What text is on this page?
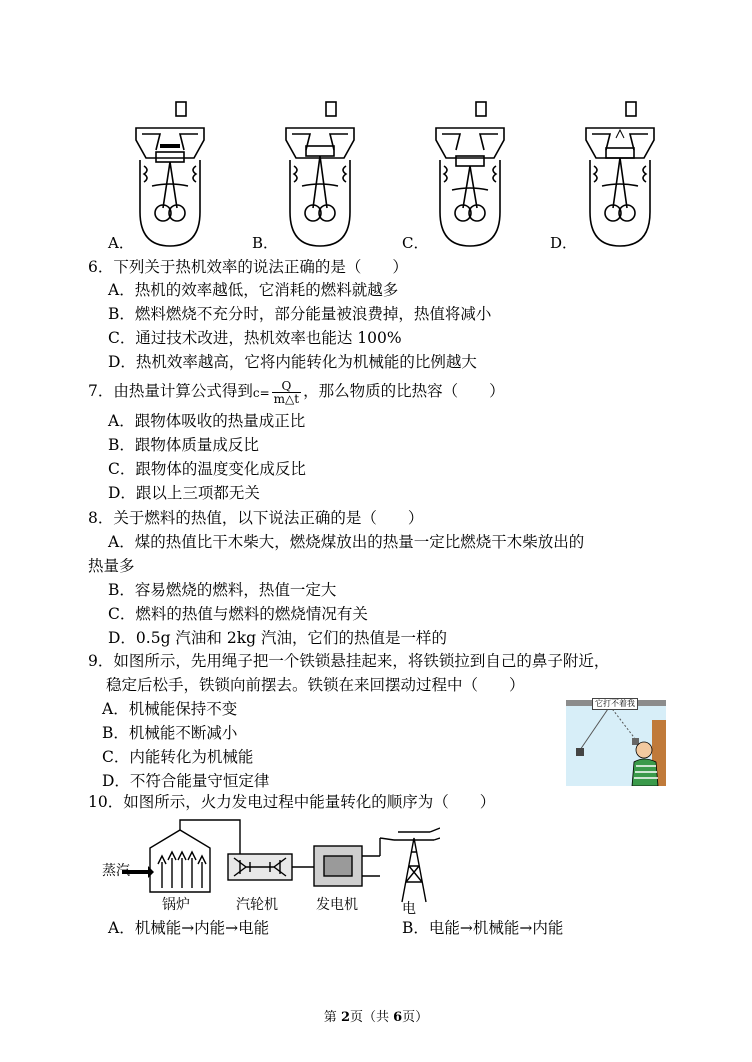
A．	B．	C．	D．
6．下列关于热机效率的说法正确的是（　　）
A．热机的效率越低，它消耗的燃料就越多
B．燃料燃烧不充分时，部分能量被浪费掉，热值将减小
C．通过技术改进，热机效率也能达 100%
D．热机效率越高，它将内能转化为机械能的比例越大
7．由热量计算公式得到$c= \frac{Q}{m\triangle t}$ ，那么物质的比热容（　　）
A．跟物体吸收的热量成正比
B．跟物体质量成反比
C．跟物体的温度变化成反比
D．跟以上三项都无关
8．关于燃料的热值，以下说法正确的是（　　）
A．煤的热值比干木柴大，燃烧煤放出的热量一定比燃烧干木柴放出的
热量多
B．容易燃烧的燃料，热值一定大
C．燃料的热值与燃料的燃烧情况有关
D．0.5g 汽油和 2kg 汽油，它们的热值是一样的
9．如图所示，先用绳子把一个铁锁悬挂起来，将铁锁拉到自己的鼻子附近，
稳定后松手，铁锁向前摆去。铁锁在来回摆动过程中（　　）
A．机械能保持不变
B．机械能不断减小
C．内能转化为机械能
D．不符合能量守恒定律
它打不着我
10．如图所示，火力发电过程中能量转化的顺序为（　　）
蒸汽
锅炉	汽轮机	发电机	电
A．机械能→内能→电能	B．电能→机械能→内能
第 2页（共 6页）
